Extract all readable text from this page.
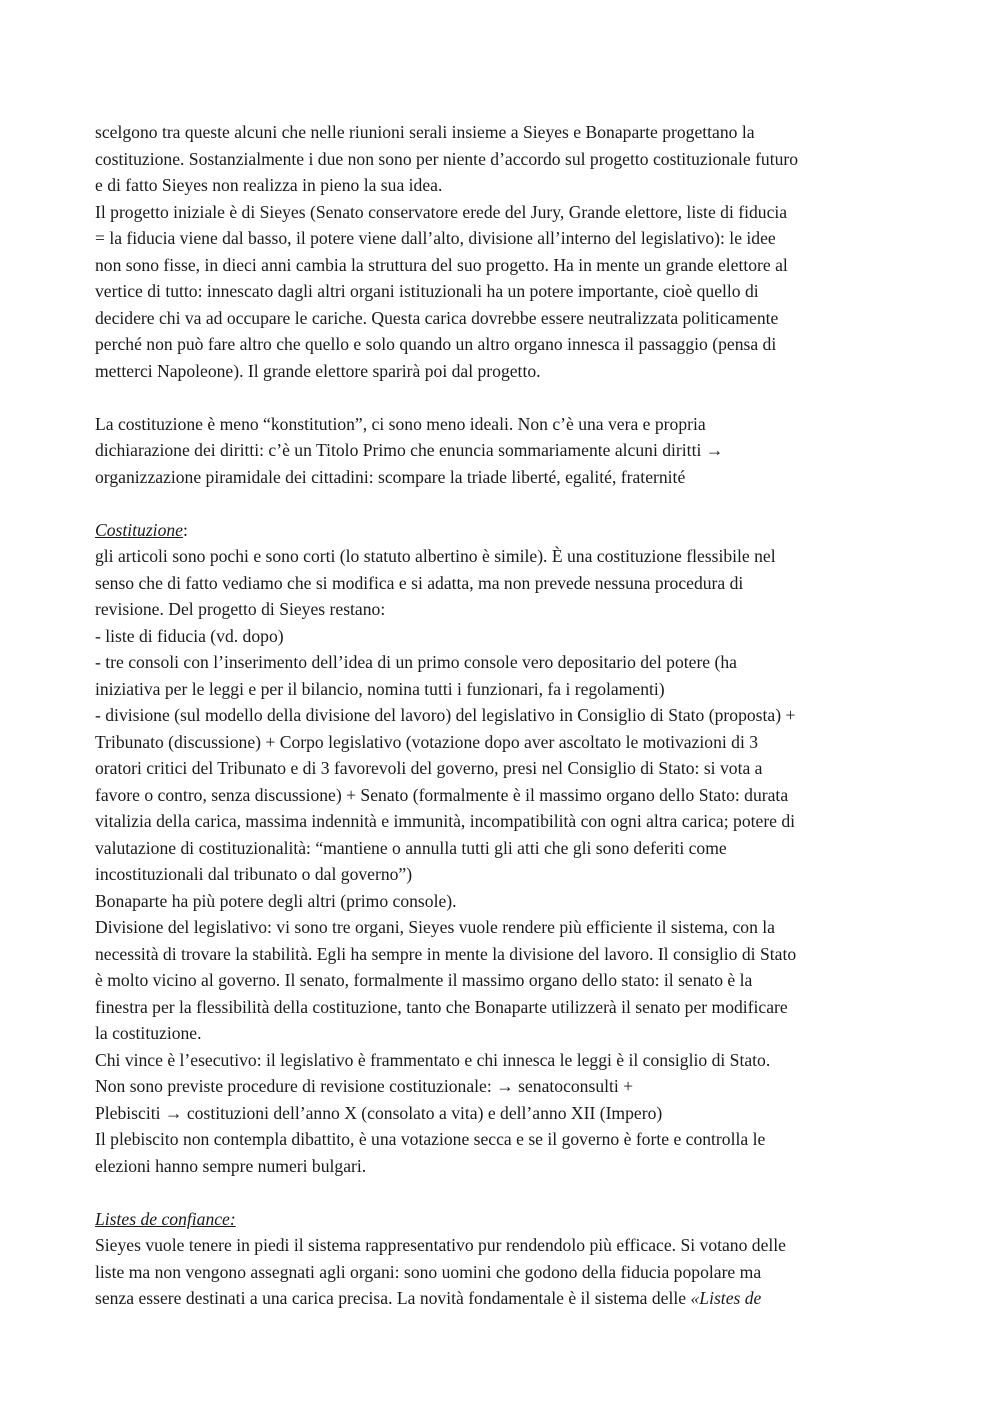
scelgono tra queste alcuni che nelle riunioni serali insieme a Sieyes e Bonaparte progettano la
costituzione. Sostanzialmente i due non sono per niente d’accordo sul progetto costituzionale futuro
e di fatto Sieyes non realizza in pieno la sua idea.
Il progetto iniziale è di Sieyes (Senato conservatore erede del Jury, Grande elettore, liste di fiducia
= la fiducia viene dal basso, il potere viene dall’alto, divisione all’interno del legislativo): le idee
non sono fisse, in dieci anni cambia la struttura del suo progetto. Ha in mente un grande elettore al
vertice di tutto: innescato dagli altri organi istituzionali ha un potere importante, cioè quello di
decidere chi va ad occupare le cariche. Questa carica dovrebbe essere neutralizzata politicamente
perché non può fare altro che quello e solo quando un altro organo innesca il passaggio (pensa di
metterci Napoleone). Il grande elettore sparirà poi dal progetto.
La costituzione è meno “konstitution”, ci sono meno ideali. Non c’è una vera e propria
dichiarazione dei diritti: c’è un Titolo Primo che enuncia sommariamente alcuni diritti →
organizzazione piramidale dei cittadini: scompare la triade liberté, egalité, fraternité
Costituzione:
gli articoli sono pochi e sono corti (lo statuto albertino è simile). È una costituzione flessibile nel
senso che di fatto vediamo che si modifica e si adatta, ma non prevede nessuna procedura di
revisione. Del progetto di Sieyes restano:
- liste di fiducia (vd. dopo)
- tre consoli con l’inserimento dell’idea di un primo console vero depositario del potere (ha
iniziativa per le leggi e per il bilancio, nomina tutti i funzionari, fa i regolamenti)
- divisione (sul modello della divisione del lavoro) del legislativo in Consiglio di Stato (proposta) +
Tribunato (discussione) + Corpo legislativo (votazione dopo aver ascoltato le motivazioni di 3
oratori critici del Tribunato e di 3 favorevoli del governo, presi nel Consiglio di Stato: si vota a
favore o contro, senza discussione) + Senato (formalmente è il massimo organo dello Stato: durata
vitalizia della carica, massima indennità e immunità, incompatibilità con ogni altra carica; potere di
valutazione di costituzionalità: “mantiene o annulla tutti gli atti che gli sono deferiti come
incostituzionali dal tribunato o dal governo”)
Bonaparte ha più potere degli altri (primo console).
Divisione del legislativo: vi sono tre organi, Sieyes vuole rendere più efficiente il sistema, con la
necessità di trovare la stabilità. Egli ha sempre in mente la divisione del lavoro. Il consiglio di Stato
è molto vicino al governo. Il senato, formalmente il massimo organo dello stato: il senato è la
finestra per la flessibilità della costituzione, tanto che Bonaparte utilizzerà il senato per modificare
la costituzione.
Chi vince è l’esecutivo: il legislativo è frammentato e chi innesca le leggi è il consiglio di Stato.
Non sono previste procedure di revisione costituzionale: → senatoconsulti +
Plebisciti → costituzioni dell’anno X (consolato a vita) e dell’anno XII (Impero)
Il plebiscito non contempla dibattito, è una votazione secca e se il governo è forte e controlla le
elezioni hanno sempre numeri bulgari.
Listes de confiance:
Sieyes vuole tenere in piedi il sistema rappresentativo pur rendendolo più efficace. Si votano delle
liste ma non vengono assegnati agli organi: sono uomini che godono della fiducia popolare ma
senza essere destinati a una carica precisa. La novità fondamentale è il sistema delle «Listes de
